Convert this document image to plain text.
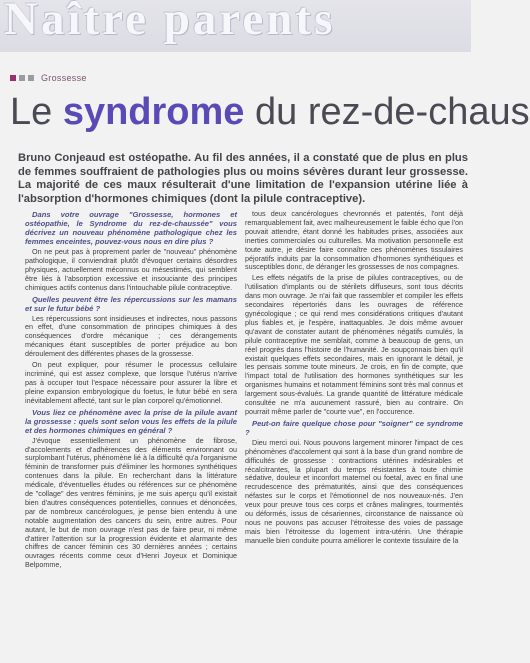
Naître parents
Grossesse
Le syndrome du rez-de-chaus
Bruno Conjeaud est ostéopathe. Au fil des années, il a constaté que de plus en plus de femmes souffraient de pathologies plus ou moins sévères durant leur grossesse. La majorité de ces maux résulterait d'une limitation de l'expansion utérine liée à l'absorption d'hormones chimiques (dont la pilule contraceptive).

Dans votre ouvrage "Grossesse, hormones et ostéopathie, le Syndrome du rez-de-chaussée" vous décrivez un nouveau phénomène pathologique chez les femmes enceintes, pouvez-vous nous en dire plus ?

On ne peut pas à proprement parler de "nouveau" phénomène pathologique, il conviendrait plutôt d'évoquer certains désordres physiques, actuellement méconnus ou mésestimés, qui semblent être liés à l'absorption excessive et insouciante des principes chimiques actifs contenus dans l'intouchable pilule contraceptive.

Quelles peuvent être les répercussions sur les mamans et sur le futur bébé ?

Les répercussions sont insidieuses et indirectes, nous passons en effet, d'une consommation de principes chimiques à des conséquences d'ordre mécanique ; ces dérangements mécaniques étant susceptibles de porter préjudice au bon déroulement des différentes phases de la grossesse.

On peut expliquer, pour résumer le processus cellulaire incriminé, qui est assez complexe, que lorsque l'utérus n'arrive pas à occuper tout l'espace nécessaire pour assurer la libre et pleine expansion embryologique du foetus, le futur bébé en sera inévitablement affecté, tant sur le plan corporel qu'émotionnel.

Vous liez ce phénomène avec la prise de la pilule avant la grossesse : quels sont selon vous les effets de la pilule et des hormones chimiques en général ?

J'évoque essentiellement un phénomène de fibrose, d'accolements et d'adhérences des éléments environnant ou surplombant l'utérus, phénomène lié à la difficulté qu'a l'organisme féminin de transformer puis d'éliminer les hormones synthétiques contenues dans la pilule. En recherchant dans la littérature médicale, d'éventuelles études ou références sur ce phénomène de "collage" des ventres féminins, je me suis aperçu qu'il existait bien d'autres conséquences potentielles, connues et dénoncées, par de nombreux cancérologues, je pense bien entendu à une notable augmentation des cancers du sein, entre autres. Pour autant, le but de mon ouvrage n'est pas de faire peur, ni même d'attirer l'attention sur la progression évidente et alarmante des chiffres de cancer féminin ces 30 dernières années ; certains ouvrages récents comme ceux d'Henri Joyeux et Dominique Belpomme,

tous deux cancérologues chevronnés et patentés, l'ont déjà remarquablement fait, avec malheureusement le faible écho que l'on pouvait attendre, étant donné les habitudes prises, associées aux inerties commerciales ou culturelles. Ma motivation personnelle est toute autre, je désire faire connaître ces phénomènes tissulaires péjoratifs induits par la consommation d'hormones synthétiques et susceptibles donc, de déranger les grossesses de nos compagnes.

Les effets négatifs de la prise de pilules contraceptives, ou de l'utilisation d'implants ou de stérilets diffuseurs, sont tous décrits dans mon ouvrage. Je n'ai fait que rassembler et compiler les effets secondaires répertoriés dans les ouvrages de référence gynécologique ; ce qui rend mes considérations critiques d'autant plus fiables et, je l'espère, inattaquables. Je dois même avouer qu'avant de constater autant de phénomènes négatifs cumulés, la pilule contraceptive me semblait, comme à beaucoup de gens, un réel progrès dans l'histoire de l'humanité. Je soupçonnais bien qu'il existait quelques effets secondaires, mais en ignorant le détail, je les pensais somme toute mineurs. Je crois, en fin de compte, que l'impact total de l'utilisation des hormones synthétiques sur les organismes humains et notamment féminins sont très mal connus et largement sous-évalués. La grande quantité de littérature médicale consultée ne m'a aucunement rassuré, bien au contraire. On pourrait même parler de "courte vue", en l'occurence.

Peut-on faire quelque chose pour "soigner" ce syndrome ?

Dieu merci oui. Nous pouvons largement minorer l'impact de ces phénomènes d'accolement qui sont à la base d'un grand nombre de difficultés de grossesse : contractions utérines indésirables et récalcitrantes, la plupart du temps résistantes à toute chimie sédative, douleur et inconfort maternel ou foetal, avec en final une recrudescence des prématurités, ainsi que des conséquences néfastes sur le corps et l'émotionnel de nos nouveaux-nés. J'en veux pour preuve tous ces corps et crânes malingres, tourmentés ou déformés, issus de césariennes, circonstance de naissance où nous ne pouvons pas accuser l'étroitesse des voies de passage mais bien l'étroitesse du logement intra-utérin. Une thérapie manuelle bien conduite pourra améliorer le contexte tissulaire de la
